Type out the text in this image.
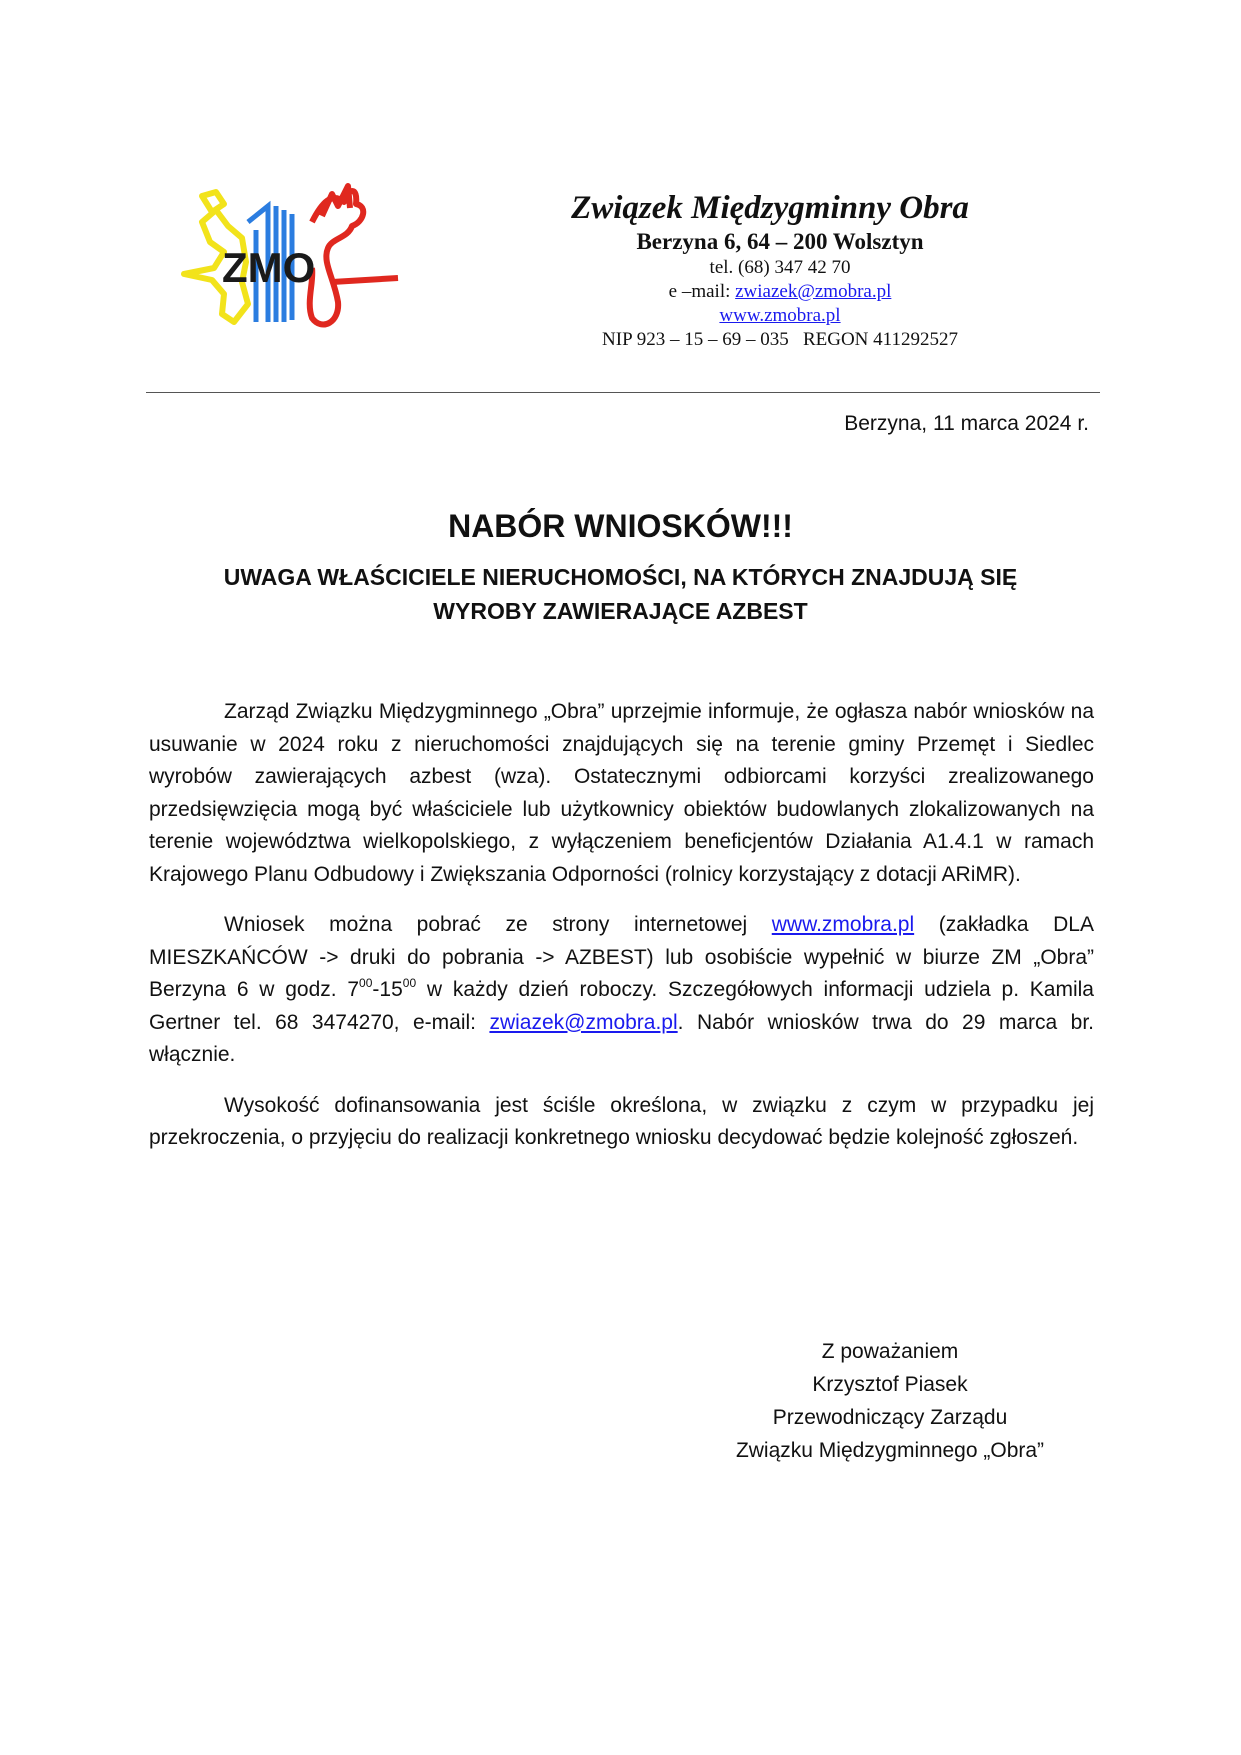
ZMO
Związek Międzygminny Obra
Berzyna 6, 64 – 200 Wolsztyn
tel. (68) 347 42 70
e –mail: zwiazek@zmobra.pl
www.zmobra.pl
NIP 923 – 15 – 69 – 035   REGON 411292527
Berzyna, 11 marca 2024 r.
NABÓR WNIOSKÓW!!!
UWAGA WŁAŚCICIELE NIERUCHOMOŚCI, NA KTÓRYCH ZNAJDUJĄ SIĘ
WYROBY ZAWIERAJĄCE AZBEST

Zarząd Związku Międzygminnego „Obra” uprzejmie informuje, że ogłasza nabór wniosków na usuwanie w 2024 roku z nieruchomości znajdujących się na terenie gminy Przemęt i Siedlec wyrobów zawierających azbest (wza). Ostatecznymi odbiorcami korzyści zrealizowanego przedsięwzięcia mogą być właściciele lub użytkownicy obiektów budowlanych zlokalizowanych na terenie województwa wielkopolskiego, z wyłączeniem beneficjentów Działania A1.4.1 w ramach Krajowego Planu Odbudowy i Zwiększania Odporności (rolnicy korzystający z dotacji ARiMR).

Wniosek można pobrać ze strony internetowej www.zmobra.pl (zakładka DLA MIESZKAŃCÓW -> druki do pobrania -> AZBEST) lub osobiście wypełnić w biurze ZM „Obra” Berzyna 6 w godz. $7^{00}-15^{00}$ w każdy dzień roboczy. Szczegółowych informacji udziela p. Kamila Gertner tel. 68 3474270, e-mail: zwiazek@zmobra.pl. Nabór wniosków trwa do 29 marca br. włącznie.

Wysokość dofinansowania jest ściśle określona, w związku z czym w przypadku jej przekroczenia, o przyjęciu do realizacji konkretnego wniosku decydować będzie kolejność zgłoszeń.

Z poważaniem
Krzysztof Piasek
Przewodniczący Zarządu
Związku Międzygminnego „Obra”
